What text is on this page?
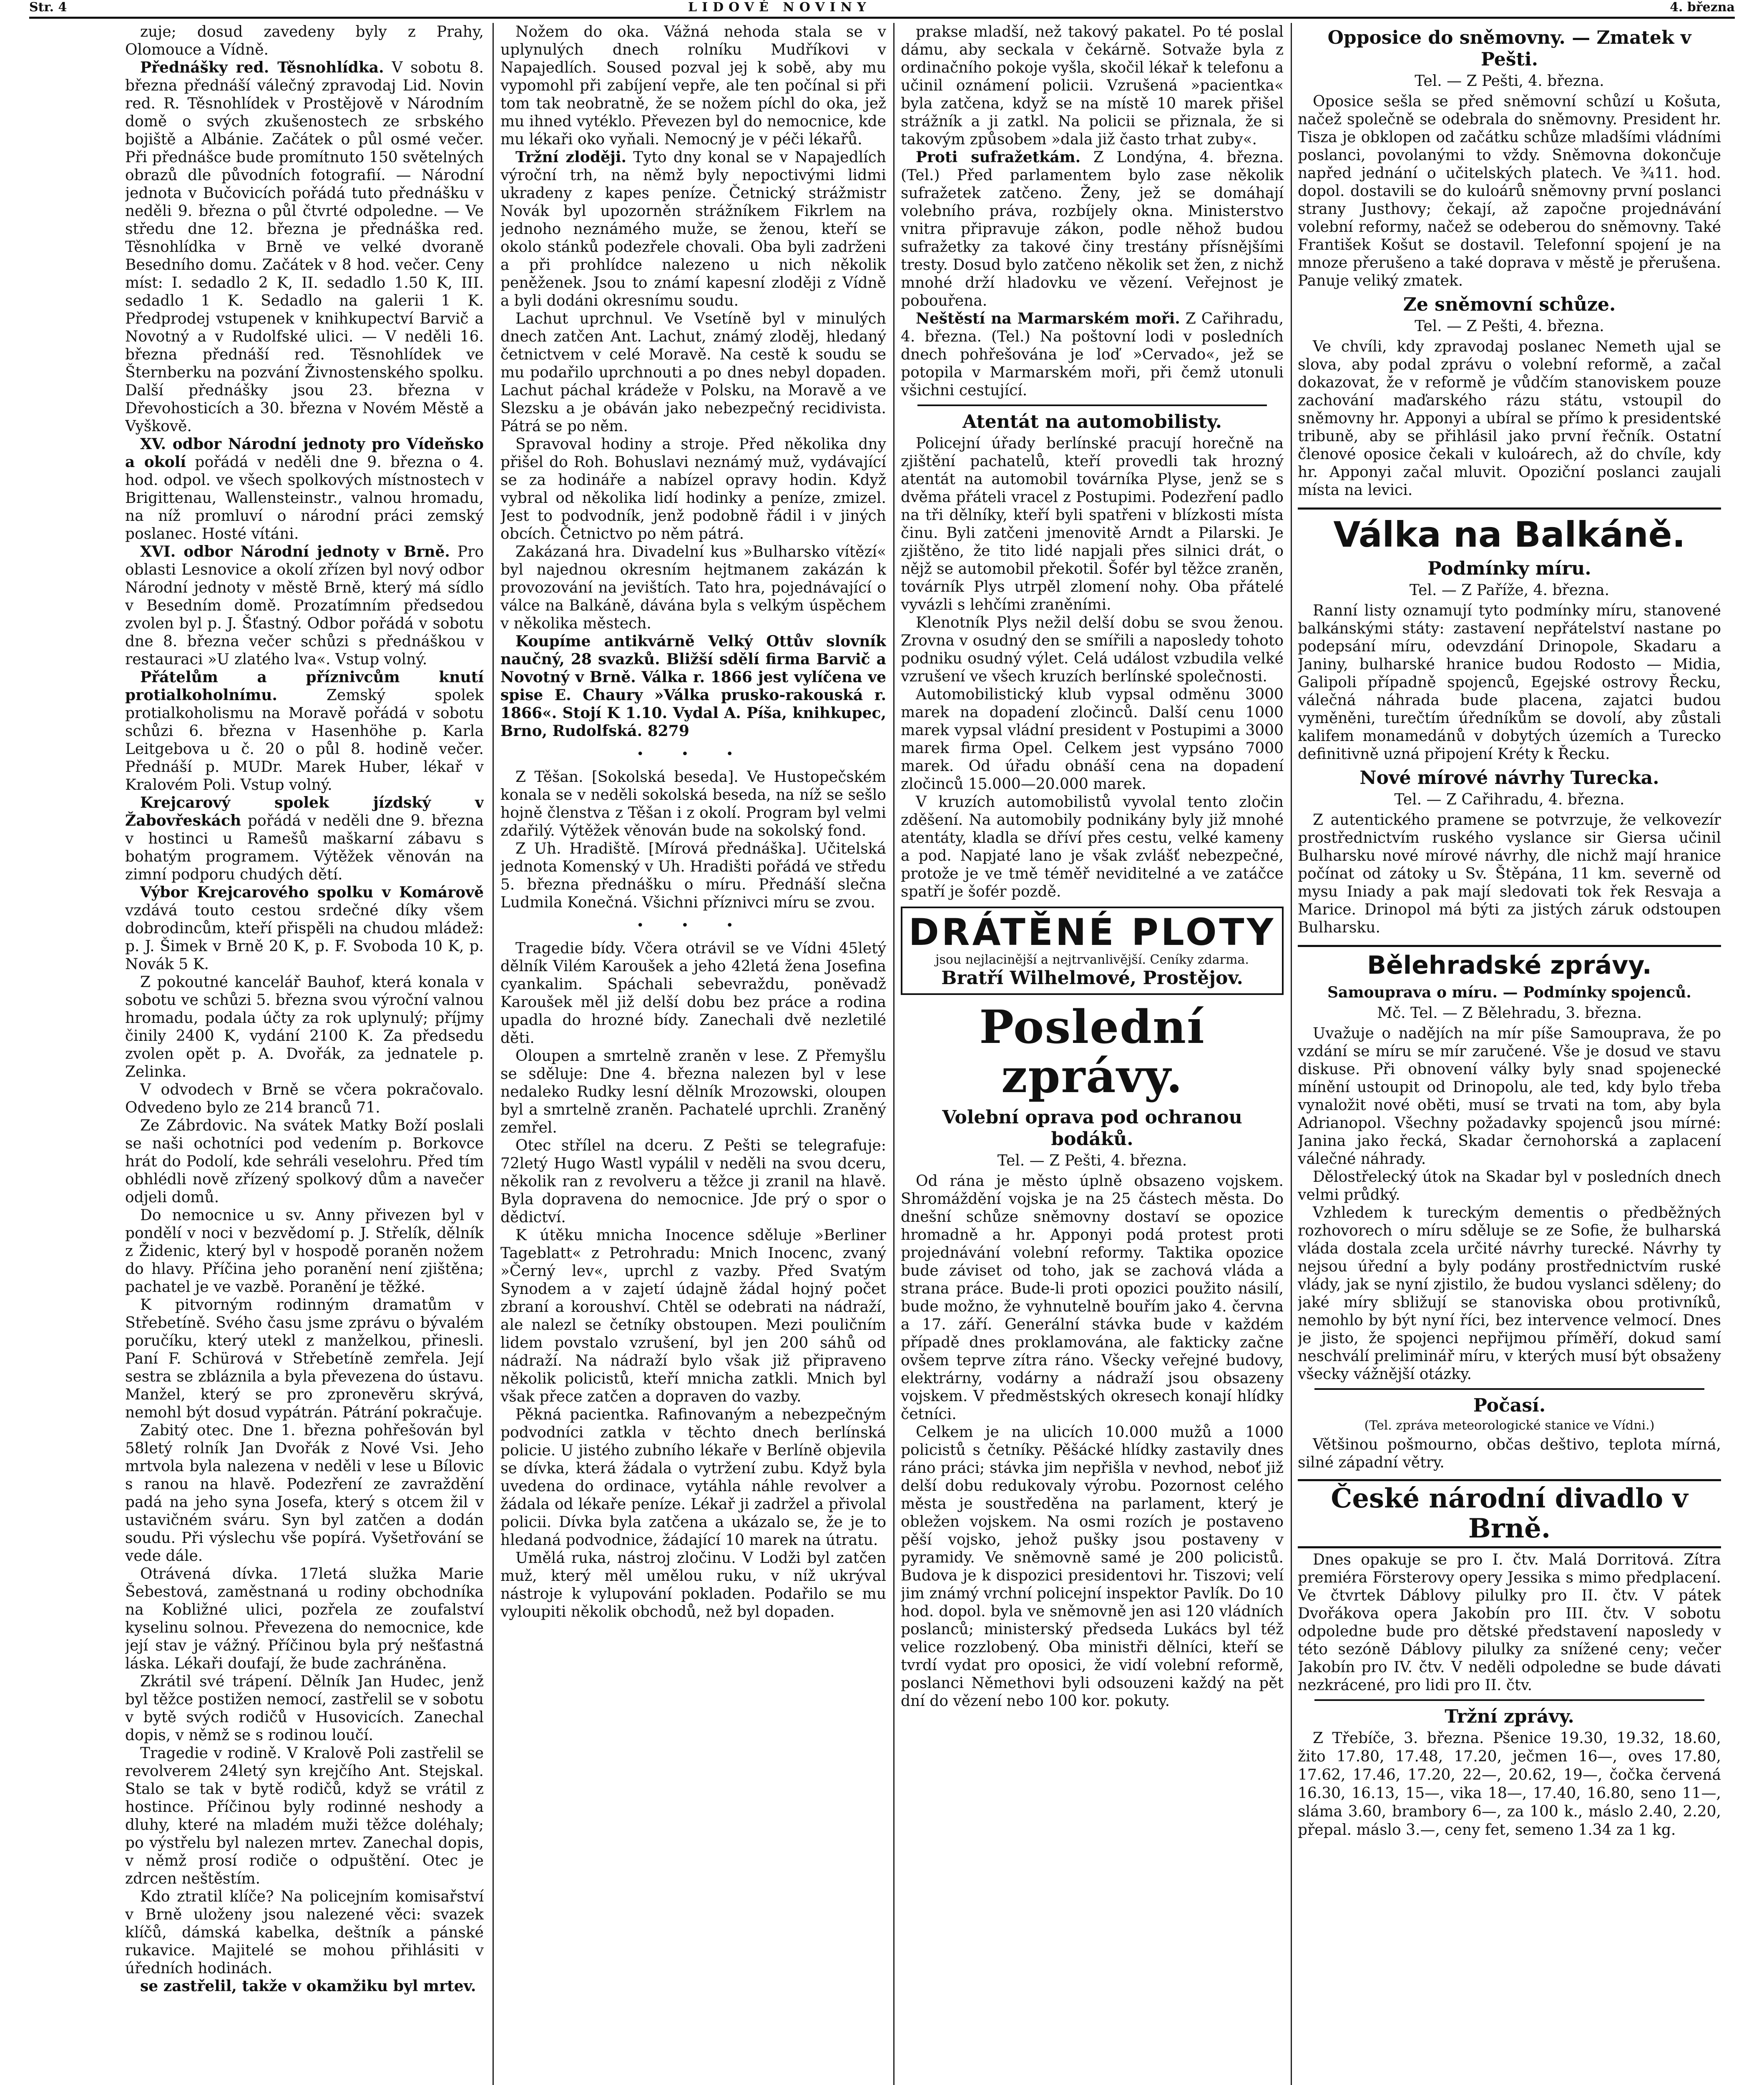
Str. 4	LIDOVÉ NOVINY	4. března

zuje; dosud zavedeny byly z Prahy, Olomouce a Vídně.

Přednášky red. Těsnohlídka. V sobotu 8. března přednáší válečný zpravodaj Lid. Novin red. R. Těsnohlídek v Prostějově v Národním domě o svých zkušenostech ze srbského bojiště a Albánie. Začátek o půl osmé večer. Při přednášce bude promítnuto 150 světelných obrazů dle původních fotografií. — Národní jednota v Bučovicích pořádá tuto přednášku v neděli 9. března o půl čtvrté odpoledne. — Ve středu dne 12. března je přednáška red. Těsnohlídka v Brně ve velké dvoraně Besedního domu. Začátek v 8 hod. večer. Ceny míst: I. sedadlo 2 K, II. sedadlo 1.50 K, III. sedadlo 1 K. Sedadlo na galerii 1 K. Předprodej vstupenek v knihkupectví Barvič a Novotný a v Rudolfské ulici. — V neděli 16. března přednáší red. Těsnohlídek ve Šternberku na pozvání Živnostenského spolku. Další přednášky jsou 23. března v Dřevohosticích a 30. března v Novém Městě a Vyškově.

XV. odbor Národní jednoty pro Vídeňsko a okolí pořádá v neděli dne 9. března o 4. hod. odpol. ve všech spolkových místnostech v Brigittenau, Wallensteinstr., valnou hromadu, na níž promluví o národní práci zemský poslanec. Hosté vítáni.

XVI. odbor Národní jednoty v Brně. Pro oblasti Lesnovice a okolí zřízen byl nový odbor Národní jednoty v městě Brně, který má sídlo v Besedním domě. Prozatímním předsedou zvolen byl p. J. Šťastný. Odbor pořádá v sobotu dne 8. března večer schůzi s přednáškou v restauraci »U zlatého lva«. Vstup volný.

Přátelům a příznivcům knutí protialkoholnímu.	Zemský spolek protialkoholismu na Moravě pořádá v sobotu schůzi 6. března v Hasenhöhe p. Karla Leitgebova u č. 20 o půl 8. hodině večer. Přednáší p. MUDr. Marek Huber, lékař v Kralovém Poli. Vstup volný.

Krejcarový spolek jízdský v Žabovřeskách pořádá v neděli dne 9. března v hostinci u Ramešů maškarní zábavu s bohatým programem. Výtěžek věnován na zimní podporu chudých dětí.

Výbor Krejcarového spolku v Komárově vzdává touto cestou srdečné díky všem dobrodincům, kteří přispěli na chudou mládež: p. J. Šimek v Brně 20 K, p. F. Svoboda 10 K, p. Novák 5 K.

Z pokoutné kancelář Bauhof, která konala v sobotu ve schůzi 5. března svou výroční valnou hromadu, podala účty za rok uplynulý; příjmy činily 2400 K, vydání 2100 K. Za předsedu zvolen opět p. A. Dvořák, za jednatele p. Zelinka.

V odvodech v Brně se včera pokračovalo. Odvedeno bylo ze 214 branců 71.

Ze Zábrdovic. Na svátek Matky Boží poslali se naši ochotníci pod vedením p. Borkovce hrát do Podolí, kde sehráli veselohru. Před tím obhlédli nově zřízený spolkový dům a navečer odjeli domů.

Do nemocnice u sv. Anny přivezen byl v pondělí v noci v bezvědomí p. J. Střelík, dělník z Židenic, který byl v hospodě poraněn nožem do hlavy. Příčina jeho poranění není zjištěna; pachatel je ve vazbě. Poranění je těžké.

K pitvorným rodinným dramatům v Střebetíně. Svého času jsme zprávu o bývalém poručíku, který utekl z manželkou, přinesli. Paní F. Schürová v Střebetíně zemřela. Její sestra se zbláznila a byla převezena do ústavu. Manžel, který se pro zpronevěru skrývá, nemohl být dosud vypátrán. Pátrání pokračuje.

Zabitý otec. Dne 1. března pohřešován byl 58letý rolník Jan Dvořák z Nové Vsi. Jeho mrtvola byla nalezena v neděli v lese u Bílovic s ranou na hlavě. Podezření ze zavraždění padá na jeho syna Josefa, který s otcem žil v ustavičném sváru. Syn byl zatčen a dodán soudu. Při výslechu vše popírá. Vyšetřování se vede dále.

Otrávená dívka. 17letá služka Marie Šebestová, zaměstnaná u rodiny obchodníka na Kobližné ulici, pozřela ze zoufalství kyselinu solnou. Převezena do nemocnice, kde její stav je vážný. Příčinou byla prý nešťastná láska. Lékaři doufají, že bude zachráněna.

Zkrátil své trápení. Dělník Jan Hudec, jenž byl těžce postižen nemocí, zastřelil se v sobotu v bytě svých rodičů v Husovicích. Zanechal dopis, v němž se s rodinou loučí.

Tragedie v rodině. V Kralově Poli zastřelil se revolverem 24letý syn krejčího Ant. Stejskal. Stalo se tak v bytě rodičů, když se vrátil z hostince. Příčinou byly rodinné neshody a dluhy, které na mladém muži těžce doléhaly; po výstřelu byl nalezen mrtev. Zanechal dopis, v němž prosí rodiče o odpuštění. Otec je zdrcen neštěstím.

Kdo ztratil klíče? Na policejním komisařství v Brně uloženy jsou nalezené věci: svazek klíčů, dámská kabelka, deštník a pánské rukavice. Majitelé se mohou přihlásiti v úředních hodinách.

se zastřelil, takže v okamžiku byl mrtev.

Nožem do oka. Vážná nehoda stala se v uplynulých dnech rolníku Mudříkovi v Napajedlích. Soused pozval jej k sobě, aby mu vypomohl při zabíjení vepře, ale ten počínal si při tom tak neobratně, že se nožem píchl do oka, jež mu ihned vytéklo. Převezen byl do nemocnice, kde mu lékaři oko vyňali. Nemocný je v péči lékařů.

Tržní zloději. Tyto dny konal se v Napajedlích výroční trh, na němž byly nepoctivými lidmi ukradeny z kapes peníze. Četnický strážmistr Novák byl upozorněn strážníkem Fikrlem na jednoho neznámého muže, se ženou, kteří se okolo stánků podezřele chovali. Oba byli zadrženi a při prohlídce nalezeno u nich několik peněženek. Jsou to známí kapesní zloději z Vídně a byli dodáni okresnímu soudu.

Lachut uprchnul. Ve Vsetíně byl v minulých dnech zatčen Ant. Lachut, známý zloděj, hledaný četnictvem v celé Moravě. Na cestě k soudu se mu podařilo uprchnouti a po dnes nebyl dopaden. Lachut páchal krádeže v Polsku, na Moravě a ve Slezsku a je obáván jako nebezpečný recidivista. Pátrá se po něm.

Spravoval hodiny a stroje. Před několika dny přišel do Roh. Bohuslavi neznámý muž, vydávající se za hodináře a nabízel opravy hodin. Když vybral od několika lidí hodinky a peníze, zmizel. Jest to podvodník, jenž podobně řádil i v jiných obcích. Četnictvo po něm pátrá.

Zakázaná hra. Divadelní kus »Bulharsko vítězí« byl najednou okresním hejtmanem zakázán k provozování na jevištích. Tato hra, pojednávající o válce na Balkáně, dávána byla s velkým úspěchem v několika městech.

Koupíme antikvárně Velký Ottův slovník naučný, 28 svazků. Bližší sdělí firma Barvič a Novotný v Brně. Válka r. 1866 jest vylíčena ve spise E. Chaury »Válka prusko-rakouská r. 1866«. Stojí K 1.10. Vydal A. Píša, knihkupec, Brno, Rudolfská. 8279

• • •

Z Těšan. [Sokolská beseda]. Ve Hustopečském konala se v neděli sokolská beseda, na níž se sešlo hojně členstva z Těšan i z okolí. Program byl velmi zdařilý. Výtěžek věnován bude na sokolský fond.

Z Uh. Hradiště. [Mírová přednáška]. Učitelská jednota Komenský v Uh. Hradišti pořádá ve středu 5. března přednášku o míru. Přednáší slečna Ludmila Konečná. Všichni příznivci míru se zvou.

• • •

Tragedie bídy. Včera otrávil se ve Vídni 45letý dělník Vilém Karoušek a jeho 42letá žena Josefina cyankalim. Spáchali sebevraždu, poněvadž Karoušek měl již delší dobu bez práce a rodina upadla do hrozné bídy. Zanechali dvě nezletilé děti.

Oloupen a smrtelně zraněn v lese. Z Přemyšlu se sděluje: Dne 4. března nalezen byl v lese nedaleko Rudky lesní dělník Mrozowski, oloupen byl a smrtelně zraněn. Pachatelé uprchli. Zraněný zemřel.

Otec střílel na dceru. Z Pešti se telegrafuje: 72letý Hugo Wastl vypálil v neděli na svou dceru, několik ran z revolveru a těžce ji zranil na hlavě. Byla dopravena do nemocnice. Jde prý o spor o dědictví.

K útěku mnicha Inocence sděluje »Berliner Tageblatt« z Petrohradu: Mnich Inocenc, zvaný »Černý lev«, uprchl z vazby. Před Svatým Synodem a v zajetí údajně žádal hojný počet zbraní a koroushví. Chtěl se odebrati na nádraží, ale nalezl se četníky obstoupen. Mezi pouličním lidem povstalo vzrušení, byl jen 200 sáhů od nádraží. Na nádraží bylo však již připraveno několik policistů, kteří mnicha zatkli. Mnich byl však přece zatčen a dopraven do vazby.

Pěkná pacientka. Rafinovaným a nebezpečným podvodníci zatkla v těchto dnech berlínská policie. U jistého zubního lékaře v Berlíně objevila se dívka, která žádala o vytržení zubu. Když byla uvedena do ordinace, vytáhla náhle revolver a žádala od lékaře peníze. Lékař ji zadržel a přivolal policii. Dívka byla zatčena a ukázalo se, že je to hledaná podvodnice, žádající 10 marek na útratu.

Umělá ruka, nástroj zločinu. V Lodži byl zatčen muž, který měl umělou ruku, v níž ukrýval nástroje k vylupování pokladen. Podařilo se mu vyloupiti několik obchodů, než byl dopaden.

prakse mladší, než takový pakatel. Po té poslal dámu, aby seckala v čekárně. Sotvaže byla z ordinačního pokoje vyšla, skočil lékař k telefonu a učinil oznámení policii. Vzrušená »pacientka« byla zatčena, když se na místě 10 marek přišel strážník a ji zatkl. Na policii se přiznala, že si takovým způsobem »dala již často trhat zuby«.

Proti sufražetkám. Z Londýna, 4. března. (Tel.) Před parlamentem bylo zase několik sufražetek zatčeno. Ženy, jež se domáhají volebního práva, rozbíjely okna. Ministerstvo vnitra připravuje zákon, podle něhož budou sufražetky za takové činy trestány přísnějšími tresty. Dosud bylo zatčeno několik set žen, z nichž mnohé drží hladovku ve vězení. Veřejnost je pobouřena.

Neštěstí na Marmarském moři. Z Cařihradu, 4. března. (Tel.) Na poštovní lodi v posledních dnech pohřešována je loď »Cervado«, jež se potopila v Marmarském moři, při čemž utonuli všichni cestující.

Atentát na automobilisty.

Policejní úřady berlínské pracují horečně na zjištění pachatelů, kteří provedli tak hrozný atentát na automobil továrníka Plyse, jenž se s dvěma přáteli vracel z Postupimi. Podezření padlo na tři dělníky, kteří byli spatřeni v blízkosti místa činu. Byli zatčeni jmenovitě Arndt a Pilarski. Je zjištěno, že tito lidé napjali přes silnici drát, o nějž se automobil překotil. Šofér byl těžce zraněn, továrník Plys utrpěl zlomení nohy. Oba přátelé vyvázli s lehčími zraněními.

Klenotník Plys nežil delší dobu se svou ženou. Zrovna v osudný den se smířili a naposledy tohoto podniku osudný výlet. Celá událost vzbudila velké vzrušení ve všech kruzích berlínské společnosti.

Automobilistický klub vypsal odměnu 3000 marek na dopadení zločinců. Další cenu 1000 marek vypsal vládní president v Postupimi a 3000 marek firma Opel. Celkem jest vypsáno 7000 marek. Od úřadu obnáší cena na dopadení zločinců 15.000—20.000 marek.

V kruzích automobilistů vyvolal tento zločin zděšení. Na automobily podnikány byly již mnohé atentáty, kladla se dříví přes cestu, velké kameny a pod. Napjaté lano je však zvlášť nebezpečné, protože je ve tmě téměř neviditelné a ve zatáčce spatří je šofér pozdě.

DRÁTĚNÉ PLOTY
jsou nejlacinější a nejtrvanlivější. Ceníky zdarma.
Bratří Wilhelmové, Prostějov.
Poslední zprávy.
Volební oprava pod ochranou bodáků.

Tel. — Z Pešti, 4. března.

Od rána je město úplně obsazeno vojskem. Shromáždění vojska je na 25 částech města. Do dnešní schůze sněmovny dostaví se opozice hromadně a hr. Apponyi podá protest proti projednávání volební reformy. Taktika opozice bude záviset od toho, jak se zachová vláda a strana práce. Bude-li proti opozici použito násilí, bude možno, že vyhnutelně bouřím jako 4. června a 17. září. Generální stávka bude v každém případě dnes proklamována, ale fakticky začne ovšem teprve zítra ráno. Všecky veřejné budovy, elektrárny, vodárny a nádraží jsou obsazeny vojskem. V předměstských okresech konají hlídky četníci.

Celkem je na ulicích 10.000 mužů a 1000 policistů s četníky. Pěšácké hlídky zastavily dnes ráno práci; stávka jim nepřišla v nevhod, neboť již delší dobu redukovaly výrobu. Pozornost celého města je soustředěna na parlament, který je obležen vojskem. Na osmi rozích je postaveno pěší vojsko, jehož pušky jsou postaveny v pyramidy. Ve sněmovně samé je 200 policistů. Budova je k dispozici presidentovi hr. Tiszovi; velí jim známý vrchní policejní inspektor Pavlík. Do 10 hod. dopol. byla ve sněmovně jen asi 120 vládních poslanců; ministerský předseda Lukács byl též velice rozzlobený. Oba ministři dělníci, kteří se tvrdí vydat pro oposici, že vidí volební reformě, poslanci Němethovi byli odsouzeni každý na pět dní do vězení nebo 100 kor. pokuty.

Opposice do sněmovny. — Zmatek v Pešti.

Tel. — Z Pešti, 4. března.

Oposice sešla se před sněmovní schůzí u Košuta, načež společně se odebrala do sněmovny. President hr. Tisza je obklopen od začátku schůze mladšími vládními poslanci, povolanými to vždy. Sněmovna dokončuje napřed jednání o učitelských platech. Ve ¾11. hod. dopol. dostavili se do kuloárů sněmovny první poslanci strany Justhovy; čekají, až započne projednávání volební reformy, načež se odeberou do sněmovny. Také František Košut se dostavil. Telefonní spojení je na mnoze přerušeno a také doprava v městě je přerušena. Panuje veliký zmatek.

Ze sněmovní schůze.

Tel. — Z Pešti, 4. března.

Ve chvíli, kdy zpravodaj poslanec Nemeth ujal se slova, aby podal zprávu o volební reformě, a začal dokazovat, že v reformě je vůdčím stanoviskem pouze zachování maďarského rázu státu, vstoupil do sněmovny hr. Apponyi a ubíral se přímo k presidentské tribuně, aby se přihlásil jako první řečník. Ostatní členové oposice čekali v kuloárech, až do chvíle, kdy hr. Apponyi začal mluvit. Opoziční poslanci zaujali místa na levici.

Válka na Balkáně.
Podmínky míru.

Tel. — Z Paříže, 4. března.

Ranní listy oznamují tyto podmínky míru, stanovené balkánskými státy: zastavení nepřátelství nastane po podepsání míru, odevzdání Drinopole, Skadaru a Janiny, bulharské hranice budou Rodosto — Midia, Galipoli případně spojenců, Egejské ostrovy Řecku, válečná náhrada bude placena, zajatci budou vyměněni, turečtím úředníkům se dovolí, aby zůstali kalifem monamedánů v dobytých územích a Turecko definitivně uzná připojení Kréty k Řecku.

Nové mírové návrhy Turecka.

Tel. — Z Cařihradu, 4. března.

Z autentického pramene se potvrzuje, že velkovezír prostřednictvím ruského vyslance sir Giersa učinil Bulharsku nové mírové návrhy, dle nichž mají hranice počínat od zátoky u Sv. Štěpána, 11 km. severně od mysu Iniady a pak mají sledovati tok řek Resvaja a Marice. Drinopol má býti za jistých záruk odstoupen Bulharsku.

Bělehradské zprávy.

Samouprava o míru. — Podmínky spojenců.

Mč. Tel. — Z Bělehradu, 3. března.

Uvažuje o nadějích na mír píše Samouprava, že po vzdání se míru se mír zaručené. Vše je dosud ve stavu diskuse. Při obnovení války byly snad spojenecké mínění ustoupit od Drinopolu, ale ted, kdy bylo třeba vynaložit nové oběti, musí se trvati na tom, aby byla Adrianopol. Všechny požadavky spojenců jsou mírné: Janina jako řecká, Skadar černohorská a zaplacení válečné náhrady.

Dělostřelecký útok na Skadar byl v posledních dnech velmi průdký.

Vzhledem k tureckým dementis o předběžných rozhovorech o míru sděluje se ze Sofie, že bulharská vláda dostala zcela určité návrhy turecké. Návrhy ty nejsou úřední a byly podány prostřednictvím ruské vlády, jak se nyní zjistilo, že budou vyslanci sděleny; do jaké míry sbližují se stanoviska obou protivníků, nemohlo by být nyní říci, bez intervence velmocí. Dnes je jisto, že spojenci nepřijmou příměří, dokud samí neschválí preliminář míru, v kterých musí být obsaženy všecky vážnější otázky.

Počasí.

(Tel. zpráva meteorologické stanice ve Vídni.)

Většinou pošmourno, občas deštivo, teplota mírná, silné západní větry.

České národní divadlo v Brně.

Dnes opakuje se pro I. čtv. Malá Dorritová. Zítra premiéra Försterovy opery Jessika s mimo předplacení. Ve čtvrtek Dáblovy pilulky pro II. čtv. V pátek Dvořákova opera Jakobín pro III. čtv. V sobotu odpoledne bude pro dětské představení naposledy v této sezóně Dáblovy pilulky za snížené ceny; večer Jakobín pro IV. čtv. V neděli odpoledne se bude dávati nezkrácené, pro lidi pro II. čtv.

Tržní zprávy.

Z Třebíče, 3. března. Pšenice 19.30, 19.32, 18.60, žito 17.80, 17.48, 17.20, ječmen 16—, oves 17.80, 17.62, 17.46, 17.20, 22—, 20.62, 19—, čočka červená 16.30, 16.13, 15—, vika 18—, 17.40, 16.80, seno 11—, sláma 3.60, brambory 6—, za 100 k., máslo 2.40, 2.20, přepal. máslo 3.—, ceny fet, semeno 1.34 za 1 kg.
